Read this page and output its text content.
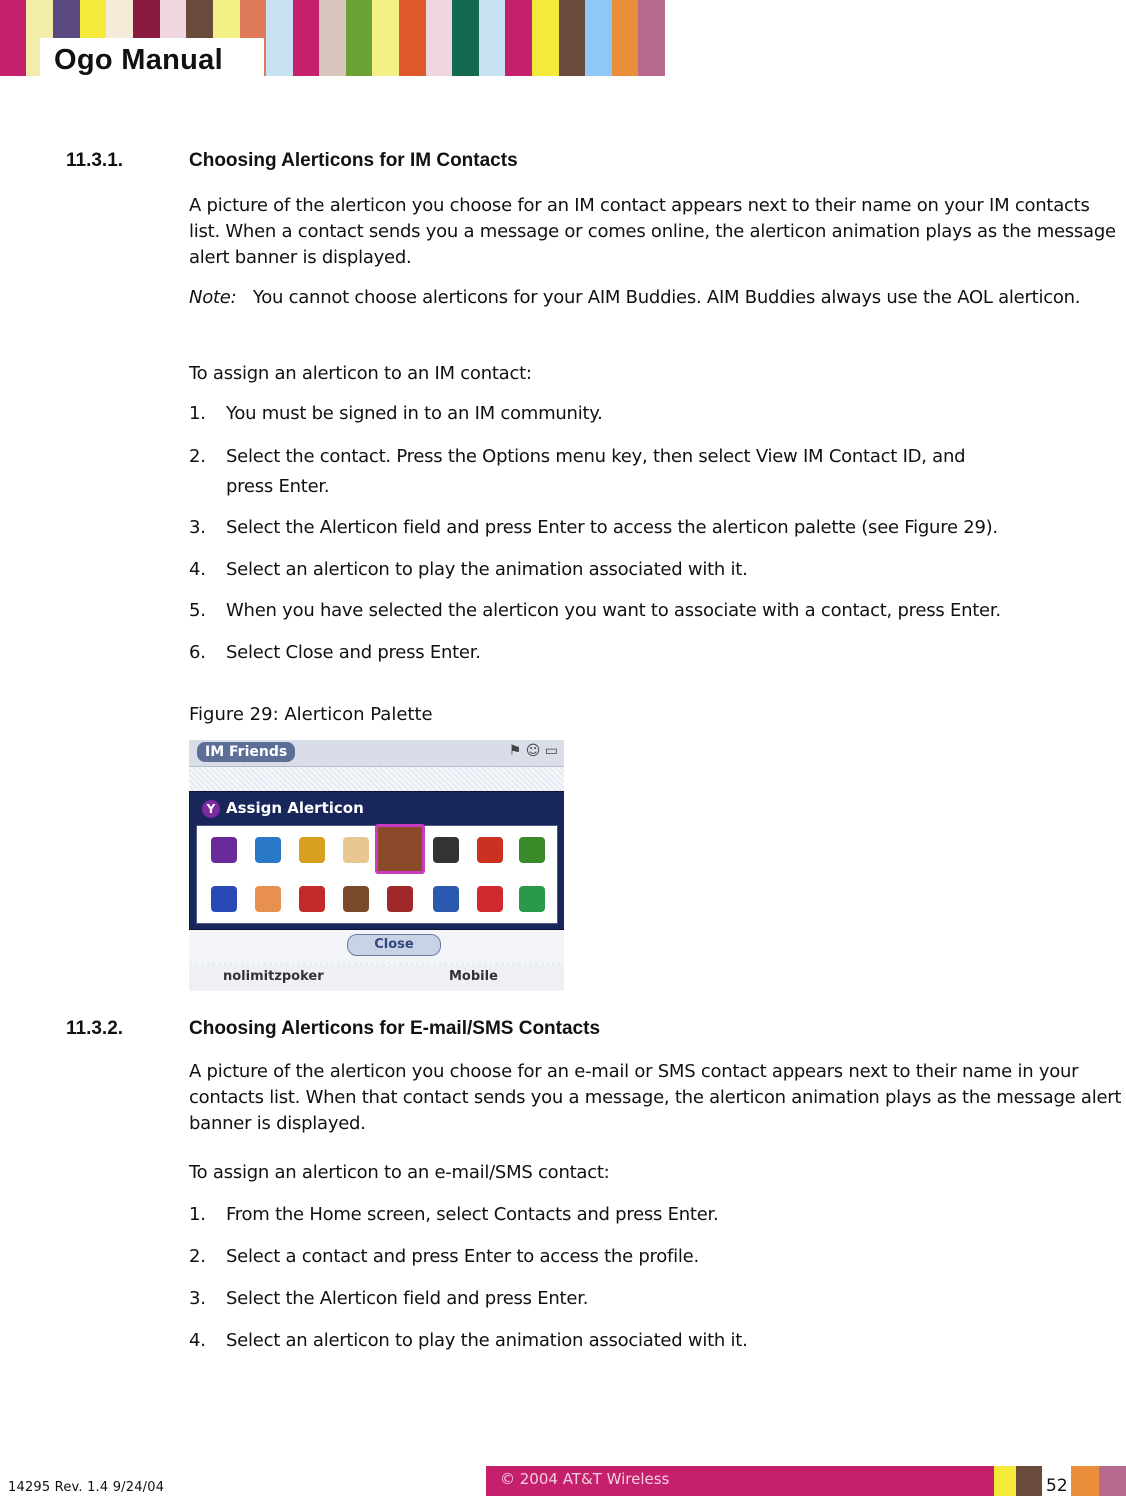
Ogo Manual
11.3.1.	Choosing Alerticons for IM Contacts
A picture of the alerticon you choose for an IM contact appears next to their name on your IM contacts list. When a contact sends you a message or comes online, the alerticon animation plays as the message alert banner is displayed.
Note: You cannot choose alerticons for your AIM Buddies. AIM Buddies always use the AOL alerticon.
To assign an alerticon to an IM contact:
1. You must be signed in to an IM community.
2. Select the contact. Press the Options menu key, then select View IM Contact ID, and
press Enter.
3. Select the Alerticon field and press Enter to access the alerticon palette (see Figure 29).
4. Select an alerticon to play the animation associated with it.
5. When you have selected the alerticon you want to associate with a contact, press Enter.
6. Select Close and press Enter.
Figure 29: Alerticon Palette
IM Friends	⚑ ☺ ▭
Y Assign Alerticon
Close
nolimitzpoker	Mobile
11.3.2.	Choosing Alerticons for E-mail/SMS Contacts
A picture of the alerticon you choose for an e-mail or SMS contact appears next to their name in your contacts list. When that contact sends you a message, the alerticon animation plays as the message alert banner is displayed.
To assign an alerticon to an e-mail/SMS contact:
1. From the Home screen, select Contacts and press Enter.
2. Select a contact and press Enter to access the profile.
3. Select the Alerticon field and press Enter.
4. Select an alerticon to play the animation associated with it.
14295 Rev. 1.4 9/24/04	© 2004 AT&T Wireless	52
